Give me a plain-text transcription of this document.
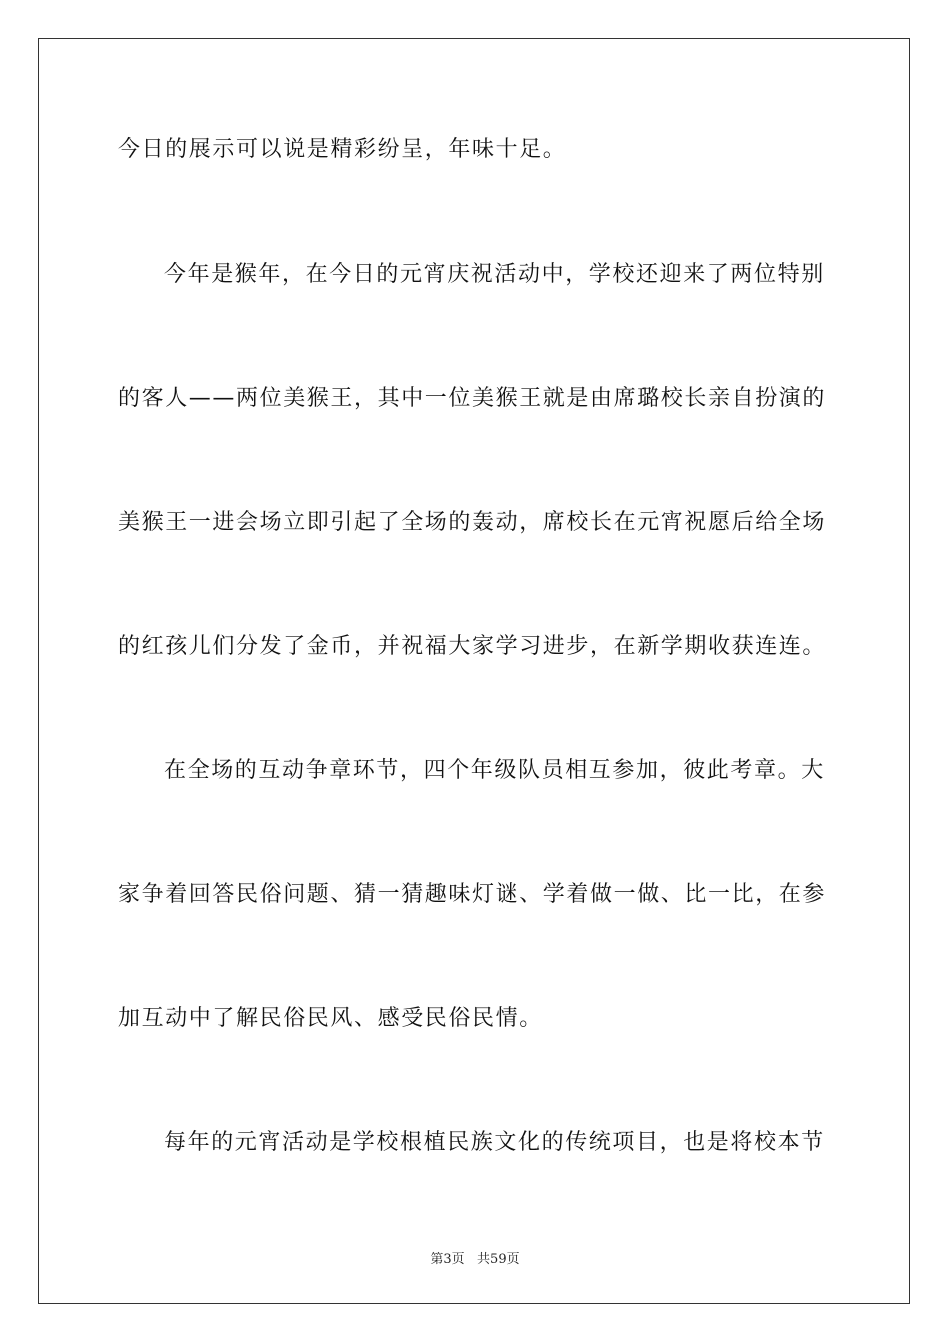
今日的展示可以说是精彩纷呈，年味十足。

今年是猴年，在今日的元宵庆祝活动中，学校还迎来了两位特别

的客人——两位美猴王，其中一位美猴王就是由席璐校长亲自扮演的

美猴王一进会场立即引起了全场的轰动，席校长在元宵祝愿后给全场

的红孩儿们分发了金币，并祝福大家学习进步，在新学期收获连连。

在全场的互动争章环节，四个年级队员相互参加，彼此考章。大

家争着回答民俗问题、猜一猜趣味灯谜、学着做一做、比一比，在参

加互动中了解民俗民风、感受民俗民情。

每年的元宵活动是学校根植民族文化的传统项目，也是将校本节

第3页   共59页
